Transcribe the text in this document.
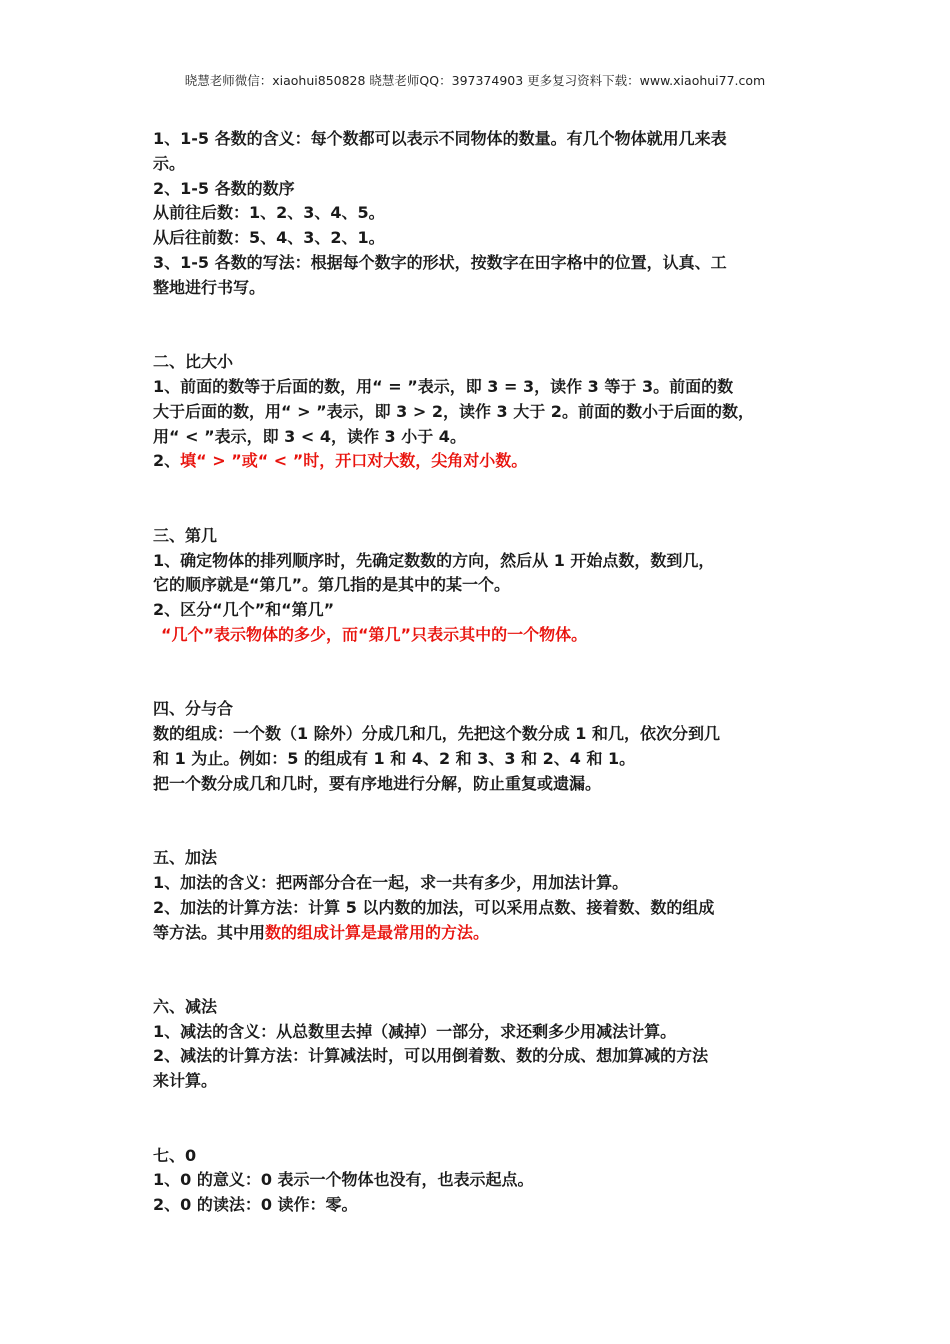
晓慧老师微信：xiaohui850828 晓慧老师QQ：397374903 更多复习资料下载：www.xiaohui77.com
1、1-5 各数的含义：每个数都可以表示不同物体的数量。有几个物体就用几来表
示。
2、1-5 各数的数序
从前往后数：1、2、3、4、5。
从后往前数：5、4、3、2、1。
3、1-5 各数的写法：根据每个数字的形状，按数字在田字格中的位置，认真、工
整地进行书写。
二、比大小
1、前面的数等于后面的数，用“ = ”表示，即 3 = 3，读作 3 等于 3。前面的数
大于后面的数，用“ > ”表示，即 3 > 2，读作 3 大于 2。前面的数小于后面的数，
用“ < ”表示，即 3 < 4，读作 3 小于 4。
2、填“ > ”或“ < ”时，开口对大数，尖角对小数。
三、第几
1、确定物体的排列顺序时，先确定数数的方向，然后从 1 开始点数，数到几，
它的顺序就是“第几”。第几指的是其中的某一个。
2、区分“几个”和“第几”
“几个”表示物体的多少，而“第几”只表示其中的一个物体。
四、分与合
数的组成：一个数（1 除外）分成几和几，先把这个数分成 1 和几，依次分到几
和 1 为止。例如：5 的组成有 1 和 4、2 和 3、3 和 2、4 和 1。
把一个数分成几和几时，要有序地进行分解，防止重复或遗漏。
五、加法
1、加法的含义：把两部分合在一起，求一共有多少，用加法计算。
2、加法的计算方法：计算 5 以内数的加法，可以采用点数、接着数、数的组成
等方法。其中用数的组成计算是最常用的方法。
六、减法
1、减法的含义：从总数里去掉（减掉）一部分，求还剩多少用减法计算。
2、减法的计算方法：计算减法时，可以用倒着数、数的分成、想加算减的方法
来计算。
七、0
1、0 的意义：0 表示一个物体也没有，也表示起点。
2、0 的读法：0 读作：零。
